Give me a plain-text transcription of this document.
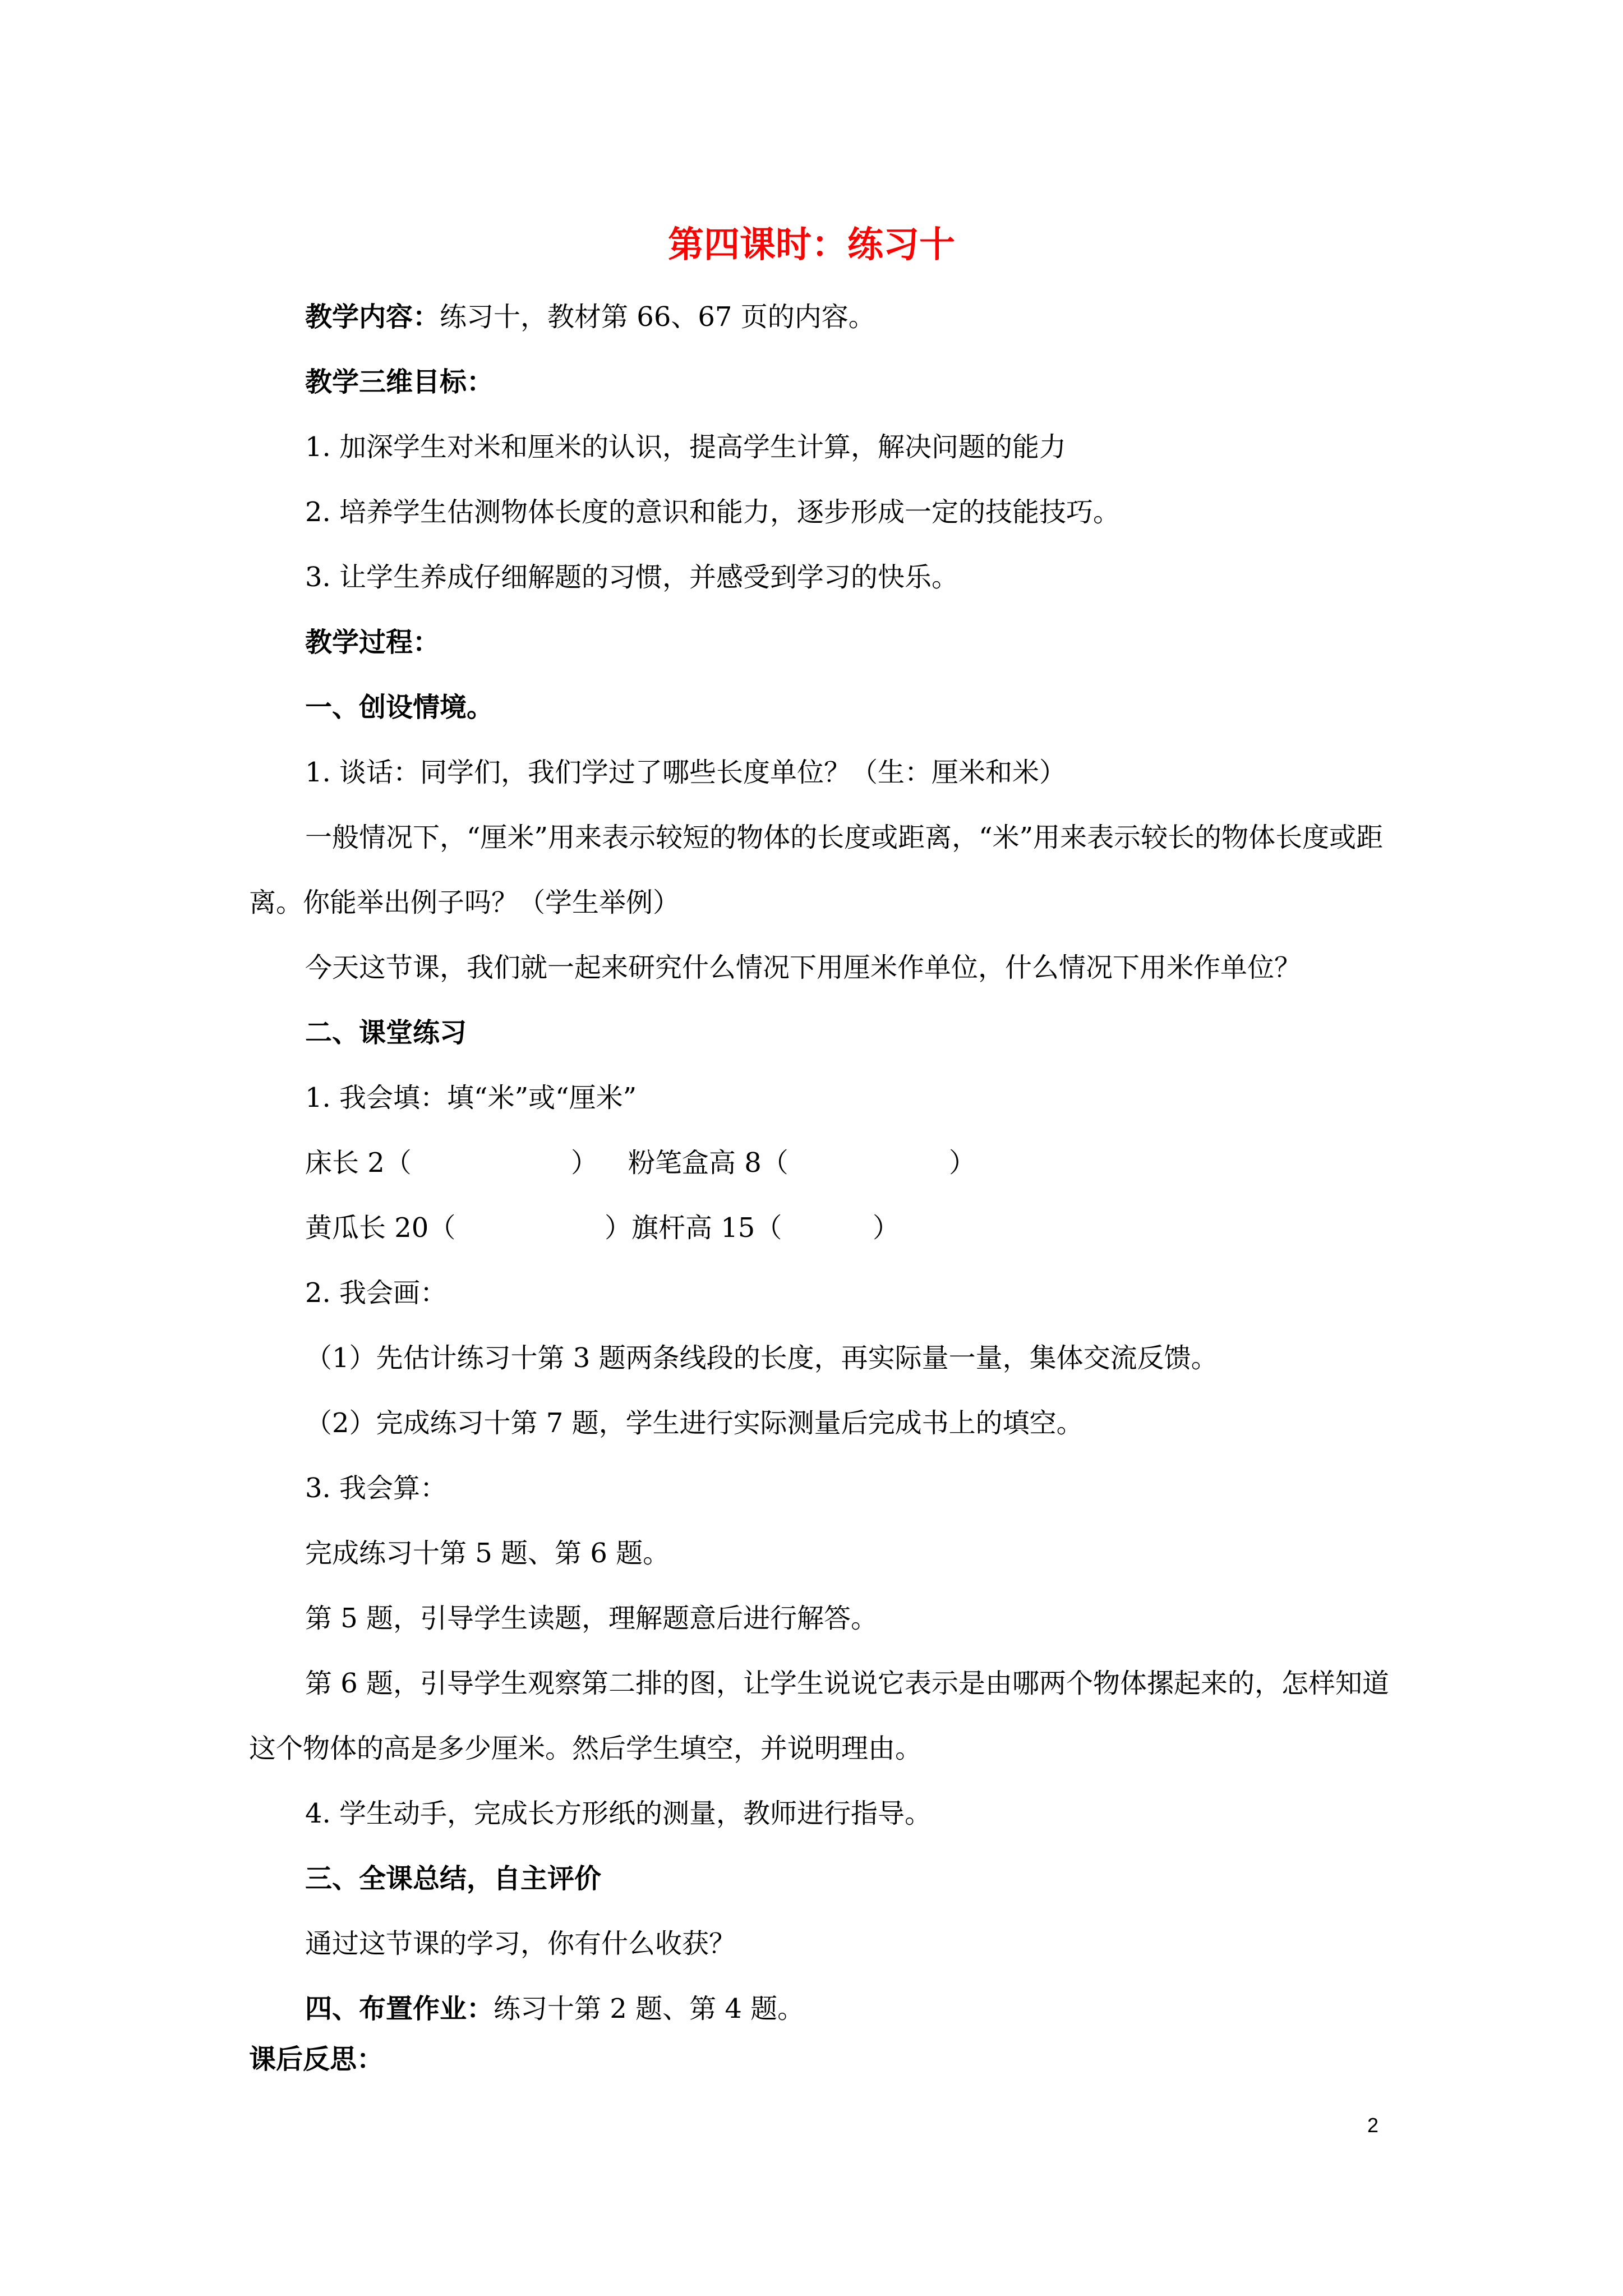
第四课时：练习十
教学内容：练习十，教材第 66、67 页的内容。
教学三维目标：
1. 加深学生对米和厘米的认识，提高学生计算，解决问题的能力
2. 培养学生估测物体长度的意识和能力，逐步形成一定的技能技巧。
3. 让学生养成仔细解题的习惯，并感受到学习的快乐。
教学过程：
一、创设情境。
1. 谈话：同学们，我们学过了哪些长度单位？（生：厘米和米）
一般情况下，“厘米”用来表示较短的物体的长度或距离，“米”用来表示较长的物体长度或距离。你能举出例子吗？（学生举例）
今天这节课，我们就一起来研究什么情况下用厘米作单位，什么情况下用米作单位？
二、课堂练习
1. 我会填：填“米”或“厘米”
床长 2（	） 粉笔盒高 8（	）
黄瓜长 20（	）旗杆高 15（	）
2. 我会画：
（1）先估计练习十第 3 题两条线段的长度，再实际量一量，集体交流反馈。
（2）完成练习十第 7 题，学生进行实际测量后完成书上的填空。
3. 我会算：
完成练习十第 5 题、第 6 题。
第 5 题，引导学生读题，理解题意后进行解答。
第 6 题，引导学生观察第二排的图，让学生说说它表示是由哪两个物体摞起来的，怎样知道这个物体的高是多少厘米。然后学生填空，并说明理由。
4. 学生动手，完成长方形纸的测量，教师进行指导。
三、全课总结，自主评价
通过这节课的学习，你有什么收获？
四、布置作业：练习十第 2 题、第 4 题。
课后反思：
2
